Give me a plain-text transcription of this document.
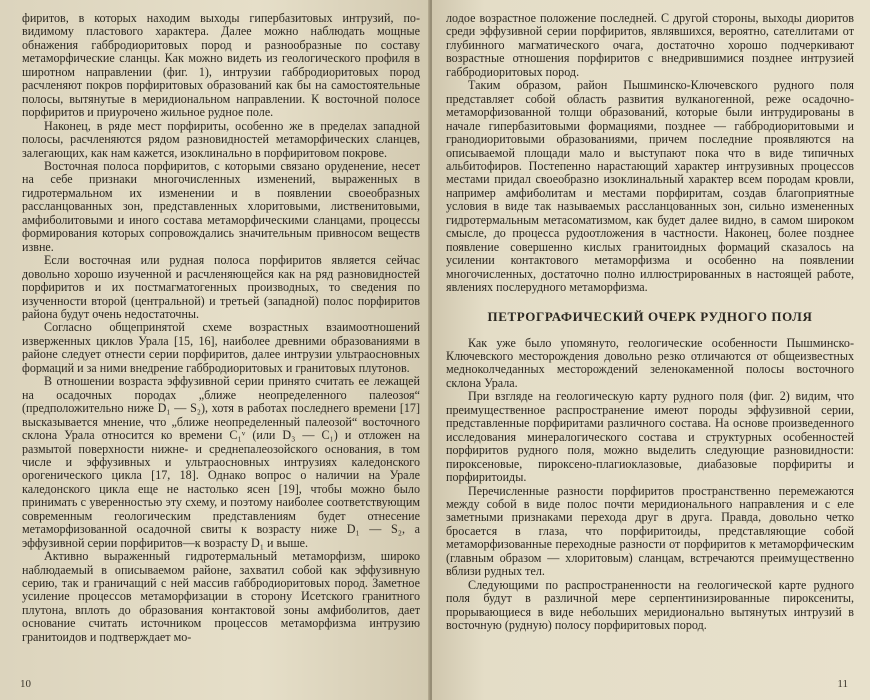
фиритов, в которых находим выходы гипербазитовых интрузий, по-видимому пластового характера. Далее можно наблюдать мощные обнажения габбродиоритовых пород и разнообразные по составу метаморфические сланцы. Как можно видеть из геологического профиля в широтном направлении (фиг. 1), интрузии габбродиоритовых пород расчленяют покров порфиритовых образований как бы на самостоятельные полосы, вытянутые в меридиональном направлении. К восточной полосе порфиритов и приурочено жильное рудное поле.

Наконец, в ряде мест порфириты, особенно же в пределах западной полосы, расчленяются рядом разновидностей метаморфических сланцев, залегающих, как нам кажется, изоклинально в порфиритовом покрове.

Восточная полоса порфиритов, с которыми связано оруденение, несет на себе признаки многочисленных изменений, выраженных в гидротермальном их изменении и в появлении своеобразных рассланцованных зон, представленных хлоритовыми, лиственитовыми, амфиболитовыми и иного состава метаморфическими сланцами, процессы формирования которых сопровождались значительным привносом веществ извне.

Если восточная или рудная полоса порфиритов является сейчас довольно хорошо изученной и расчленяющейся как на ряд разновидностей порфиритов и их постмагматогенных производных, то сведения по изученности второй (центральной) и третьей (западной) полос порфиритов района будут очень недостаточны.

Согласно общепринятой схеме возрастных взаимоотношений изверженных циклов Урала [15, 16], наиболее древними образованиями в районе следует отнести серии порфиритов, далее интрузии ультраосновных формаций и за ними внедрение габбродиоритовых и гранитовых плутонов.

В отношении возраста эффузивной серии принято считать ее лежащей на осадочных породах „ближе неопределенного палеозоя“ (предположительно ниже D₁ — S₂), хотя в работах последнего времени [17] высказывается мнение, что „ближе неопределенный палеозой“ восточного склона Урала относится ко времени C₁ᵛ (или D₃ — C₁) и отложен на размытой поверхности нижне- и среднепалеозойского основания, в том числе и эффузивных и ультраосновных интрузиях каледонского орогенического цикла [17, 18]. Однако вопрос о наличии на Урале каледонского цикла еще не настолько ясен [19], чтобы можно было принимать с уверенностью эту схему, и поэтому наиболее соответствующим современным геологическим представлениям будет отнесение метаморфизованной осадочной свиты к возрасту ниже D₁ — S₂, а эффузивной серии порфиритов—к возрасту D₁ и выше.

Активно выраженный гидротермальный метаморфизм, широко наблюдаемый в описываемом районе, захватил собой как эффузивную серию, так и граничащий с ней массив габбродиоритовых пород. Заметное усиление процессов метаморфизации в сторону Исетского гранитного плутона, вплоть до образования контактовой зоны амфиболитов, дает основание считать источником процессов метаморфизма интрузию гранитоидов и подтверждает мо-

10

лодое возрастное положение последней. С другой стороны, выходы диоритов среди эффузивной серии порфиритов, являвшихся, вероятно, сателлитами от глубинного магматического очага, достаточно хорошо подчеркивают возрастные отношения порфиритов с внедрившимися позднее интрузией габбродиоритовых пород.

Таким образом, район Пышминско-Ключевского рудного поля представляет собой область развития вулканогенной, реже осадочно-метаморфизованной толщи образований, которые были интрудированы в начале гипербазитовыми формациями, позднее — габбродиоритовыми и гранодиоритовыми образованиями, причем последние проявляются на описываемой площади мало и выступают пока что в виде типичных альбитофиров. Постепенно нарастающий характер интрузивных процессов местами придал своеобразно изоклинальный характер всем породам кровли, например амфиболитам и местами порфиритам, создав благоприятные условия в виде так называемых рассланцованных зон, сильно измененных гидротермальным метасоматизмом, как будет далее видно, в самом широком смысле, до процесса рудоотложения в частности. Наконец, более позднее появление совершенно кислых гранитоидных формаций сказалось на усилении контактового метаморфизма и особенно на появлении многочисленных, достаточно полно иллюстрированных в настоящей работе, явлениях послерудного метаморфизма.

ПЕТРОГРАФИЧЕСКИЙ ОЧЕРК РУДНОГО ПОЛЯ

Как уже было упомянуто, геологические особенности Пышминско-Ключевского месторождения довольно резко отличаются от общеизвестных медноколчеданных месторождений зеленокаменной полосы восточного склона Урала.

При взгляде на геологическую карту рудного поля (фиг. 2) видим, что преимущественное распространение имеют породы эффузивной серии, представленные порфиритами различного состава. На основе произведенного исследования минералогического состава и структурных особенностей порфиритов рудного поля, можно выделить следующие разновидности: пироксеновые, пироксено-плагиоклазовые, диабазовые порфириты и порфиритоиды.

Перечисленные разности порфиритов пространственно перемежаются между собой в виде полос почти меридионального направления и с еле заметными признаками перехода друг в друга. Правда, довольно четко бросается в глаза, что порфиритоиды, представляющие собой метаморфизованные переходные разности от порфиритов к метаморфическим (главным образом — хлоритовым) сланцам, встречаются преимущественно вблизи рудных тел.

Следующими по распространенности на геологической карте рудного поля будут в различной мере серпентинизированные пироксениты, прорывающиеся в виде небольших меридионально вытянутых интрузий в восточную (рудную) полосу порфиритовых пород.

11
